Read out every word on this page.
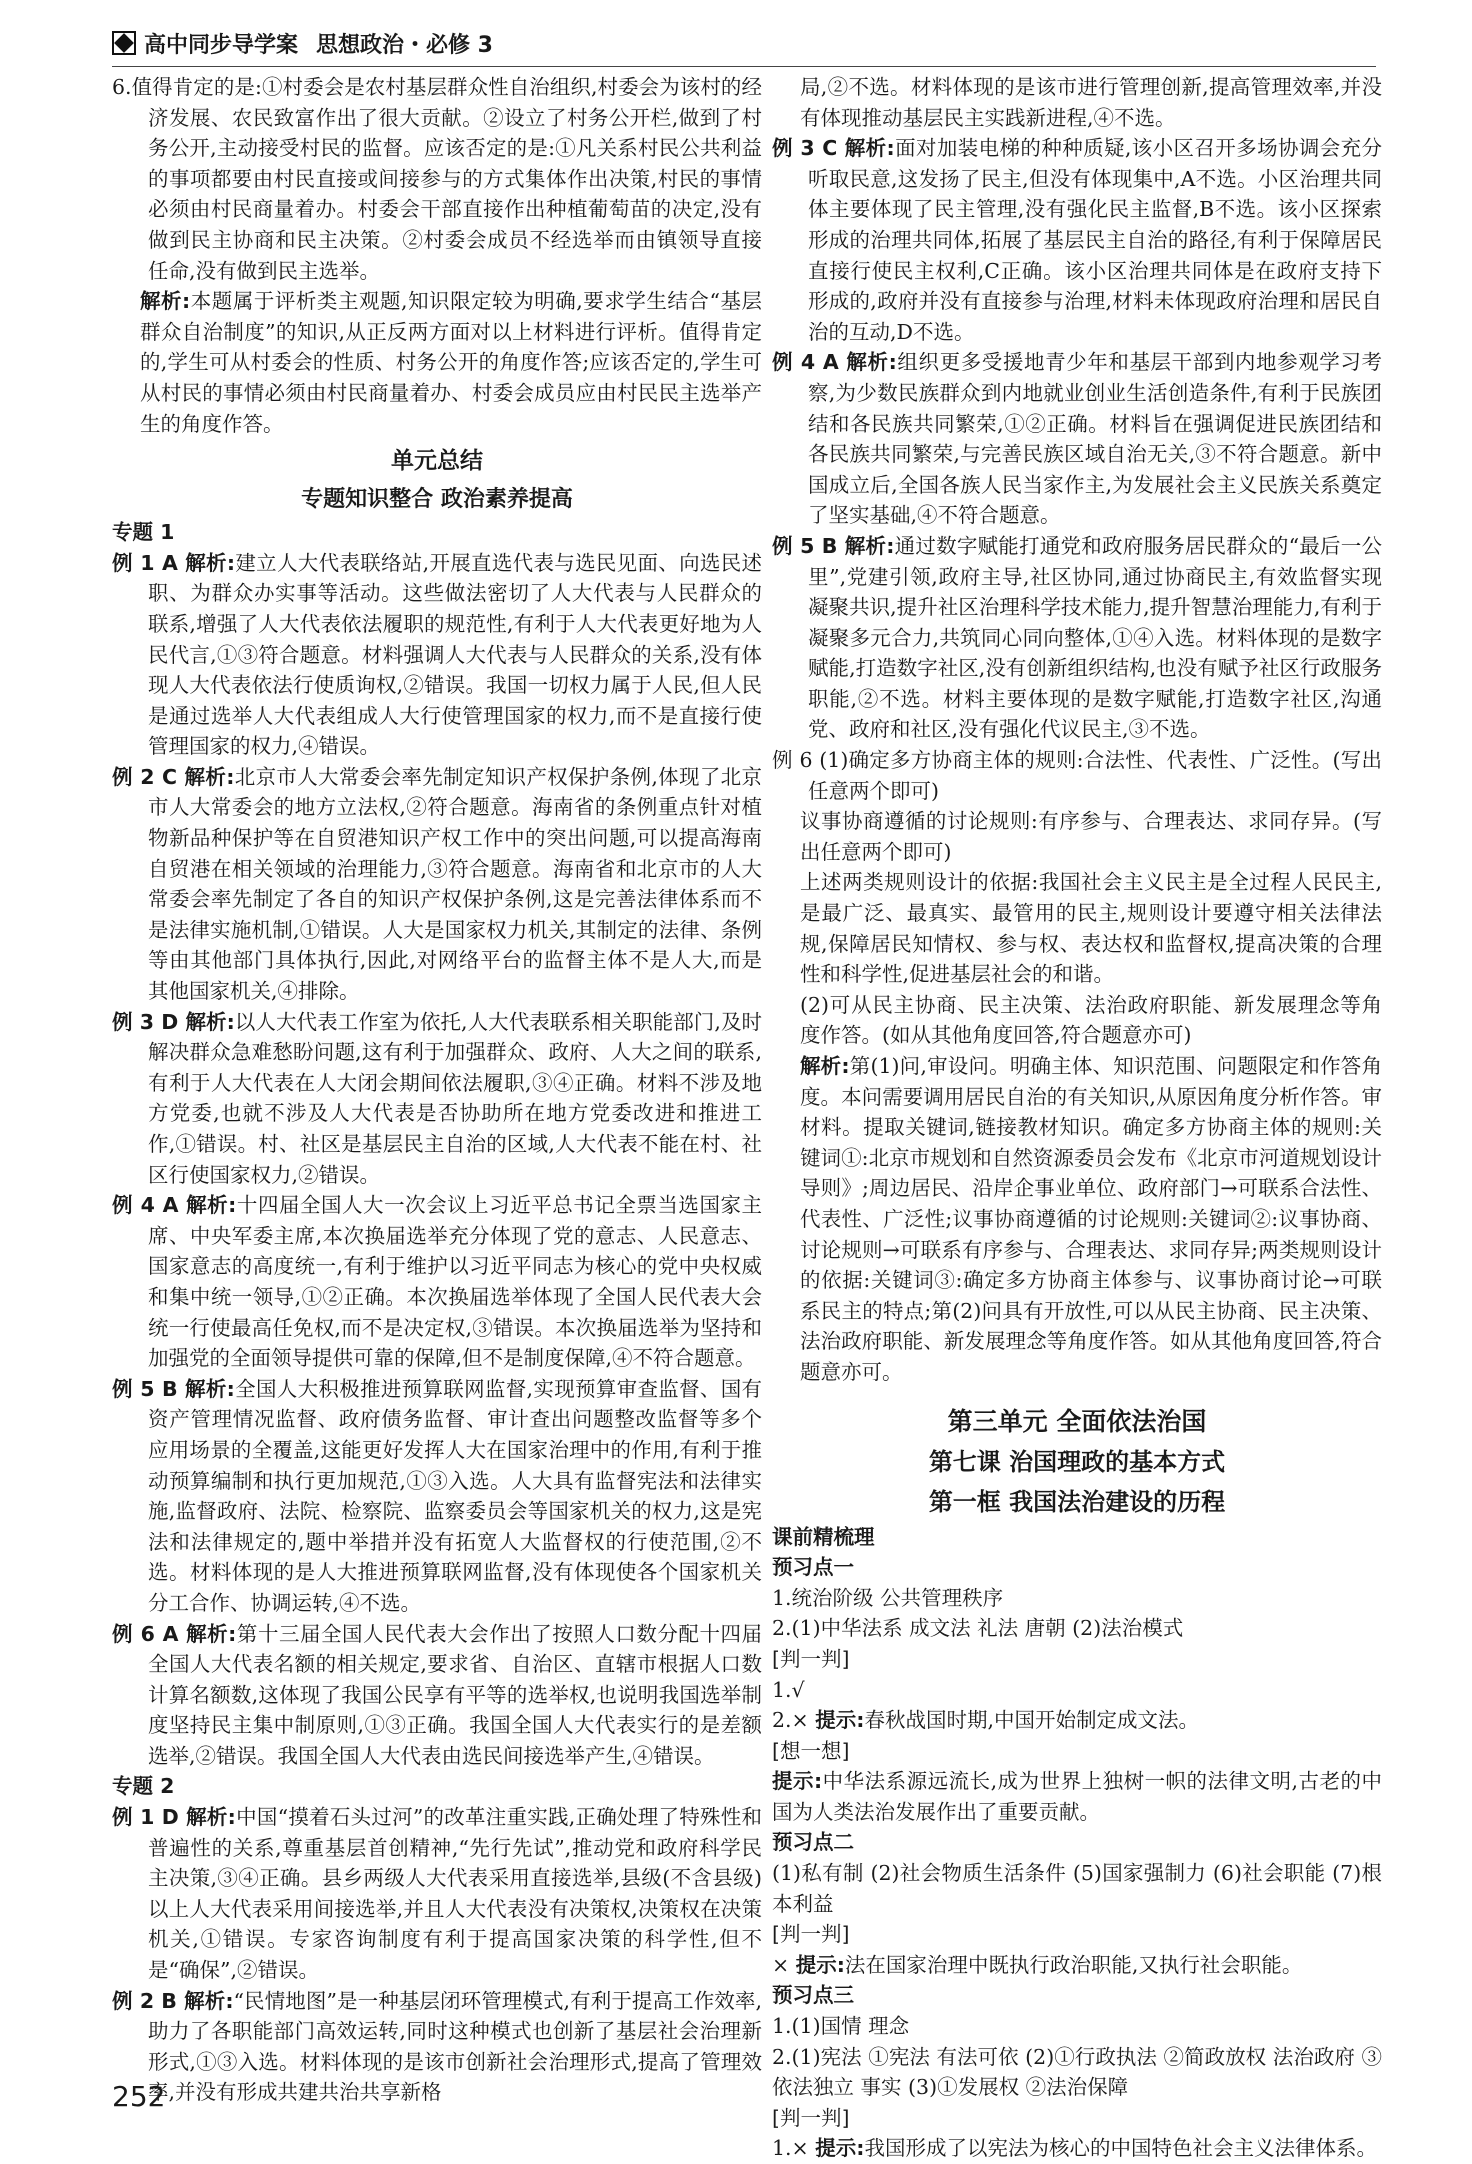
高中同步导学案 思想政治・必修 3

6.值得肯定的是:①村委会是农村基层群众性自治组织,村委会为该村的经济发展、农民致富作出了很大贡献。②设立了村务公开栏,做到了村务公开,主动接受村民的监督。应该否定的是:①凡关系村民公共利益的事项都要由村民直接或间接参与的方式集体作出决策,村民的事情必须由村民商量着办。村委会干部直接作出种植葡萄苗的决定,没有做到民主协商和民主决策。②村委会成员不经选举而由镇领导直接任命,没有做到民主选举。

解析:本题属于评析类主观题,知识限定较为明确,要求学生结合“基层群众自治制度”的知识,从正反两方面对以上材料进行评析。值得肯定的,学生可从村委会的性质、村务公开的角度作答;应该否定的,学生可从村民的事情必须由村民商量着办、村委会成员应由村民民主选举产生的角度作答。

单元总结

专题知识整合 政治素养提高

专题 1

例 1 A 解析:建立人大代表联络站,开展直选代表与选民见面、向选民述职、为群众办实事等活动。这些做法密切了人大代表与人民群众的联系,增强了人大代表依法履职的规范性,有利于人大代表更好地为人民代言,①③符合题意。材料强调人大代表与人民群众的关系,没有体现人大代表依法行使质询权,②错误。我国一切权力属于人民,但人民是通过选举人大代表组成人大行使管理国家的权力,而不是直接行使管理国家的权力,④错误。

例 2 C 解析:北京市人大常委会率先制定知识产权保护条例,体现了北京市人大常委会的地方立法权,②符合题意。海南省的条例重点针对植物新品种保护等在自贸港知识产权工作中的突出问题,可以提高海南自贸港在相关领域的治理能力,③符合题意。海南省和北京市的人大常委会率先制定了各自的知识产权保护条例,这是完善法律体系而不是法律实施机制,①错误。人大是国家权力机关,其制定的法律、条例等由其他部门具体执行,因此,对网络平台的监督主体不是人大,而是其他国家机关,④排除。

例 3 D 解析:以人大代表工作室为依托,人大代表联系相关职能部门,及时解决群众急难愁盼问题,这有利于加强群众、政府、人大之间的联系,有利于人大代表在人大闭会期间依法履职,③④正确。材料不涉及地方党委,也就不涉及人大代表是否协助所在地方党委改进和推进工作,①错误。村、社区是基层民主自治的区域,人大代表不能在村、社区行使国家权力,②错误。

例 4 A 解析:十四届全国人大一次会议上习近平总书记全票当选国家主席、中央军委主席,本次换届选举充分体现了党的意志、人民意志、国家意志的高度统一,有利于维护以习近平同志为核心的党中央权威和集中统一领导,①②正确。本次换届选举体现了全国人民代表大会统一行使最高任免权,而不是决定权,③错误。本次换届选举为坚持和加强党的全面领导提供可靠的保障,但不是制度保障,④不符合题意。

例 5 B 解析:全国人大积极推进预算联网监督,实现预算审查监督、国有资产管理情况监督、政府债务监督、审计查出问题整改监督等多个应用场景的全覆盖,这能更好发挥人大在国家治理中的作用,有利于推动预算编制和执行更加规范,①③入选。人大具有监督宪法和法律实施,监督政府、法院、检察院、监察委员会等国家机关的权力,这是宪法和法律规定的,题中举措并没有拓宽人大监督权的行使范围,②不选。材料体现的是人大推进预算联网监督,没有体现使各个国家机关分工合作、协调运转,④不选。

例 6 A 解析:第十三届全国人民代表大会作出了按照人口数分配十四届全国人大代表名额的相关规定,要求省、自治区、直辖市根据人口数计算名额数,这体现了我国公民享有平等的选举权,也说明我国选举制度坚持民主集中制原则,①③正确。我国全国人大代表实行的是差额选举,②错误。我国全国人大代表由选民间接选举产生,④错误。

专题 2

例 1 D 解析:中国“摸着石头过河”的改革注重实践,正确处理了特殊性和普遍性的关系,尊重基层首创精神,“先行先试”,推动党和政府科学民主决策,③④正确。县乡两级人大代表采用直接选举,县级(不含县级)以上人大代表采用间接选举,并且人大代表没有决策权,决策权在决策机关,①错误。专家咨询制度有利于提高国家决策的科学性,但不是“确保”,②错误。

例 2 B 解析:“民情地图”是一种基层闭环管理模式,有利于提高工作效率,助力了各职能部门高效运转,同时这种模式也创新了基层社会治理新形式,①③入选。材料体现的是该市创新社会治理形式,提高了管理效率,并没有形成共建共治共享新格

局,②不选。材料体现的是该市进行管理创新,提高管理效率,并没有体现推动基层民主实践新进程,④不选。

例 3 C 解析:面对加装电梯的种种质疑,该小区召开多场协调会充分听取民意,这发扬了民主,但没有体现集中,A不选。小区治理共同体主要体现了民主管理,没有强化民主监督,B不选。该小区探索形成的治理共同体,拓展了基层民主自治的路径,有利于保障居民直接行使民主权利,C正确。该小区治理共同体是在政府支持下形成的,政府并没有直接参与治理,材料未体现政府治理和居民自治的互动,D不选。

例 4 A 解析:组织更多受援地青少年和基层干部到内地参观学习考察,为少数民族群众到内地就业创业生活创造条件,有利于民族团结和各民族共同繁荣,①②正确。材料旨在强调促进民族团结和各民族共同繁荣,与完善民族区域自治无关,③不符合题意。新中国成立后,全国各族人民当家作主,为发展社会主义民族关系奠定了坚实基础,④不符合题意。

例 5 B 解析:通过数字赋能打通党和政府服务居民群众的“最后一公里”,党建引领,政府主导,社区协同,通过协商民主,有效监督实现凝聚共识,提升社区治理科学技术能力,提升智慧治理能力,有利于凝聚多元合力,共筑同心同向整体,①④入选。材料体现的是数字赋能,打造数字社区,没有创新组织结构,也没有赋予社区行政服务职能,②不选。材料主要体现的是数字赋能,打造数字社区,沟通党、政府和社区,没有强化代议民主,③不选。

例 6 (1)确定多方协商主体的规则:合法性、代表性、广泛性。(写出任意两个即可)

议事协商遵循的讨论规则:有序参与、合理表达、求同存异。(写出任意两个即可)

上述两类规则设计的依据:我国社会主义民主是全过程人民民主,是最广泛、最真实、最管用的民主,规则设计要遵守相关法律法规,保障居民知情权、参与权、表达权和监督权,提高决策的合理性和科学性,促进基层社会的和谐。

(2)可从民主协商、民主决策、法治政府职能、新发展理念等角度作答。(如从其他角度回答,符合题意亦可)

解析:第(1)问,审设问。明确主体、知识范围、问题限定和作答角度。本问需要调用居民自治的有关知识,从原因角度分析作答。审材料。提取关键词,链接教材知识。确定多方协商主体的规则:关键词①:北京市规划和自然资源委员会发布《北京市河道规划设计导则》;周边居民、沿岸企事业单位、政府部门→可联系合法性、代表性、广泛性;议事协商遵循的讨论规则:关键词②:议事协商、讨论规则→可联系有序参与、合理表达、求同存异;两类规则设计的依据:关键词③:确定多方协商主体参与、议事协商讨论→可联系民主的特点;第(2)问具有开放性,可以从民主协商、民主决策、法治政府职能、新发展理念等角度作答。如从其他角度回答,符合题意亦可。

第三单元 全面依法治国

第七课 治国理政的基本方式

第一框 我国法治建设的历程

课前精梳理

预习点一

1.统治阶级 公共管理秩序

2.(1)中华法系 成文法 礼法 唐朝 (2)法治模式

[判一判]

1.√

2.× 提示:春秋战国时期,中国开始制定成文法。

[想一想]

提示:中华法系源远流长,成为世界上独树一帜的法律文明,古老的中国为人类法治发展作出了重要贡献。

预习点二

(1)私有制 (2)社会物质生活条件 (5)国家强制力 (6)社会职能 (7)根本利益

[判一判]

× 提示:法在国家治理中既执行政治职能,又执行社会职能。

预习点三

1.(1)国情 理念

2.(1)宪法 ①宪法 有法可依 (2)①行政执法 ②简政放权 法治政府 ③依法独立 事实 (3)①发展权 ②法治保障

[判一判]

1.× 提示:我国形成了以宪法为核心的中国特色社会主义法律体系。

252
